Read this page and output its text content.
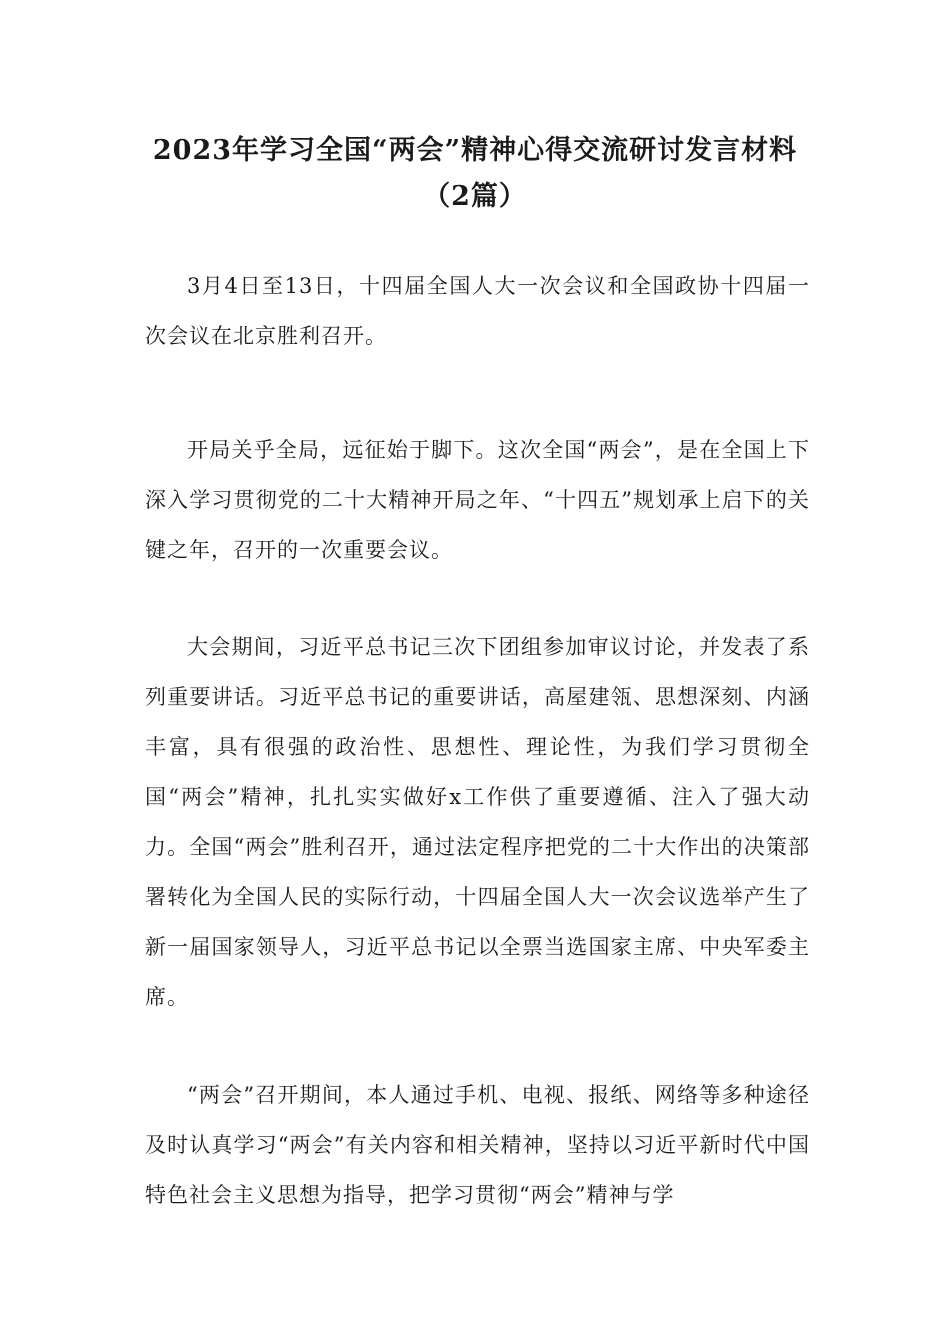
2023年学习全国“两会”精神心得交流研讨发言材料（2篇）

3月4日至13日，十四届全国人大一次会议和全国政协十四届一次会议在北京胜利召开。

开局关乎全局，远征始于脚下。这次全国“两会”，是在全国上下深入学习贯彻党的二十大精神开局之年、“十四五”规划承上启下的关键之年，召开的一次重要会议。

大会期间，习近平总书记三次下团组参加审议讨论，并发表了系列重要讲话。习近平总书记的重要讲话，高屋建瓴、思想深刻、内涵丰富，具有很强的政治性、思想性、理论性，为我们学习贯彻全国“两会”精神，扎扎实实做好x工作供了重要遵循、注入了强大动力。全国“两会”胜利召开，通过法定程序把党的二十大作出的决策部署转化为全国人民的实际行动，十四届全国人大一次会议选举产生了新一届国家领导人，习近平总书记以全票当选国家主席、中央军委主席。

“两会”召开期间，本人通过手机、电视、报纸、网络等多种途径及时认真学习“两会”有关内容和相关精神，坚持以习近平新时代中国特色社会主义思想为指导，把学习贯彻“两会”精神与学
